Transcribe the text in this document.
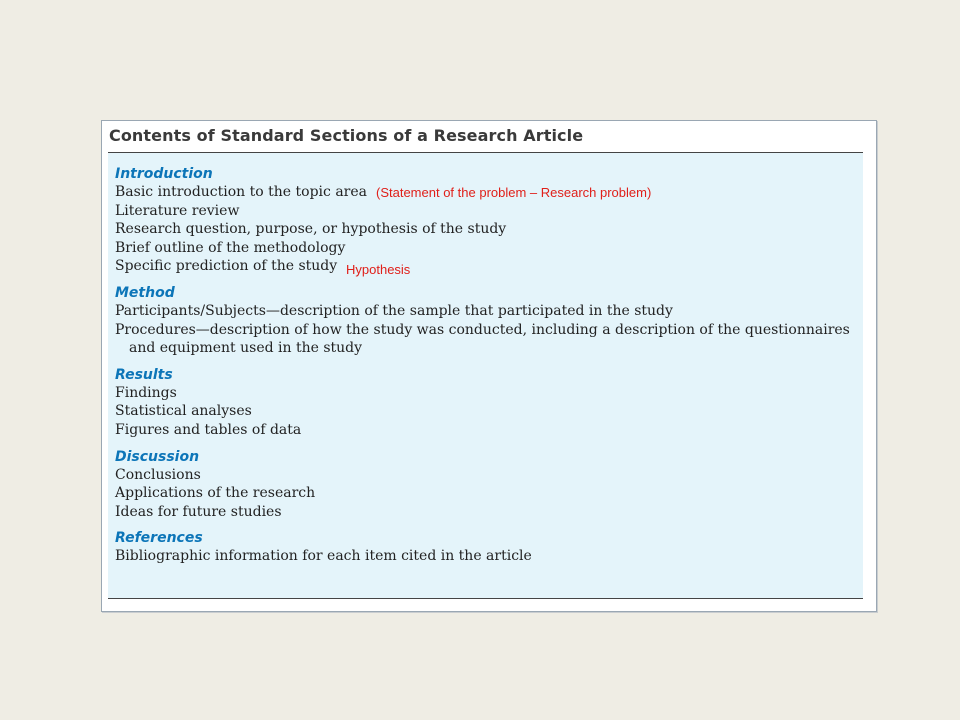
Contents of Standard Sections of a Research Article

Introduction

Basic introduction to the topic area

Literature review

Research question, purpose, or hypothesis of the study

Brief outline of the methodology

Specific prediction of the study

Method

Participants/Subjects—description of the sample that participated in the study

Procedures—description of how the study was conducted, including a description of the questionnaires and equipment used in the study

Results

Findings

Statistical analyses

Figures and tables of data

Discussion

Conclusions

Applications of the research

Ideas for future studies

References

Bibliographic information for each item cited in the article

(Statement of the problem – Research problem)
Hypothesis
